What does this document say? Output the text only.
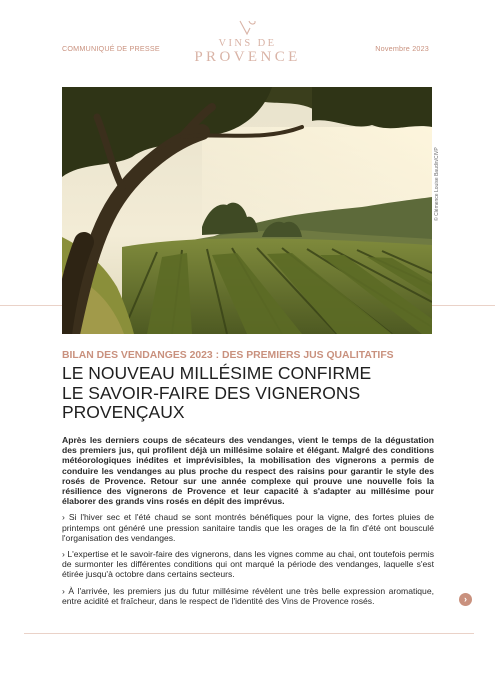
COMMUNIQUÉ DE PRESSE	VINS DE
PROVENCE
Novembre 2023
© Clémence Louise Baudin/CIVP
BILAN DES VENDANGES 2023 : DES PREMIERS JUS QUALITATIFS
LE NOUVEAU MILLÉSIME CONFIRME
LE SAVOIR-FAIRE DES VIGNERONS
PROVENÇAUX

Après les derniers coups de sécateurs des vendanges, vient le temps de la dégustation des premiers jus, qui profilent déjà un millésime solaire et élégant. Malgré des conditions météorologiques inédites et imprévisibles, la mobilisation des vignerons a permis de conduire les vendanges au plus proche du respect des raisins pour garantir le style des rosés de Provence. Retour sur une année complexe qui prouve une nouvelle fois la résilience des vignerons de Provence et leur capacité à s'adapter au millésime pour élaborer des grands vins rosés en dépit des imprévus.

› Si l'hiver sec et l'été chaud se sont montrés bénéfiques pour la vigne, des fortes pluies de printemps ont généré une pression sanitaire tandis que les orages de la fin d'été ont bousculé l'organisation des vendanges.

› L'expertise et le savoir-faire des vignerons, dans les vignes comme au chai, ont toutefois permis de surmonter les différentes conditions qui ont marqué la période des vendanges, laquelle s'est étirée jusqu'à octobre dans certains secteurs.

› À l'arrivée, les premiers jus du futur millésime révèlent une très belle expression aromatique, entre acidité et fraîcheur, dans le respect de l'identité des Vins de Provence rosés.	›
